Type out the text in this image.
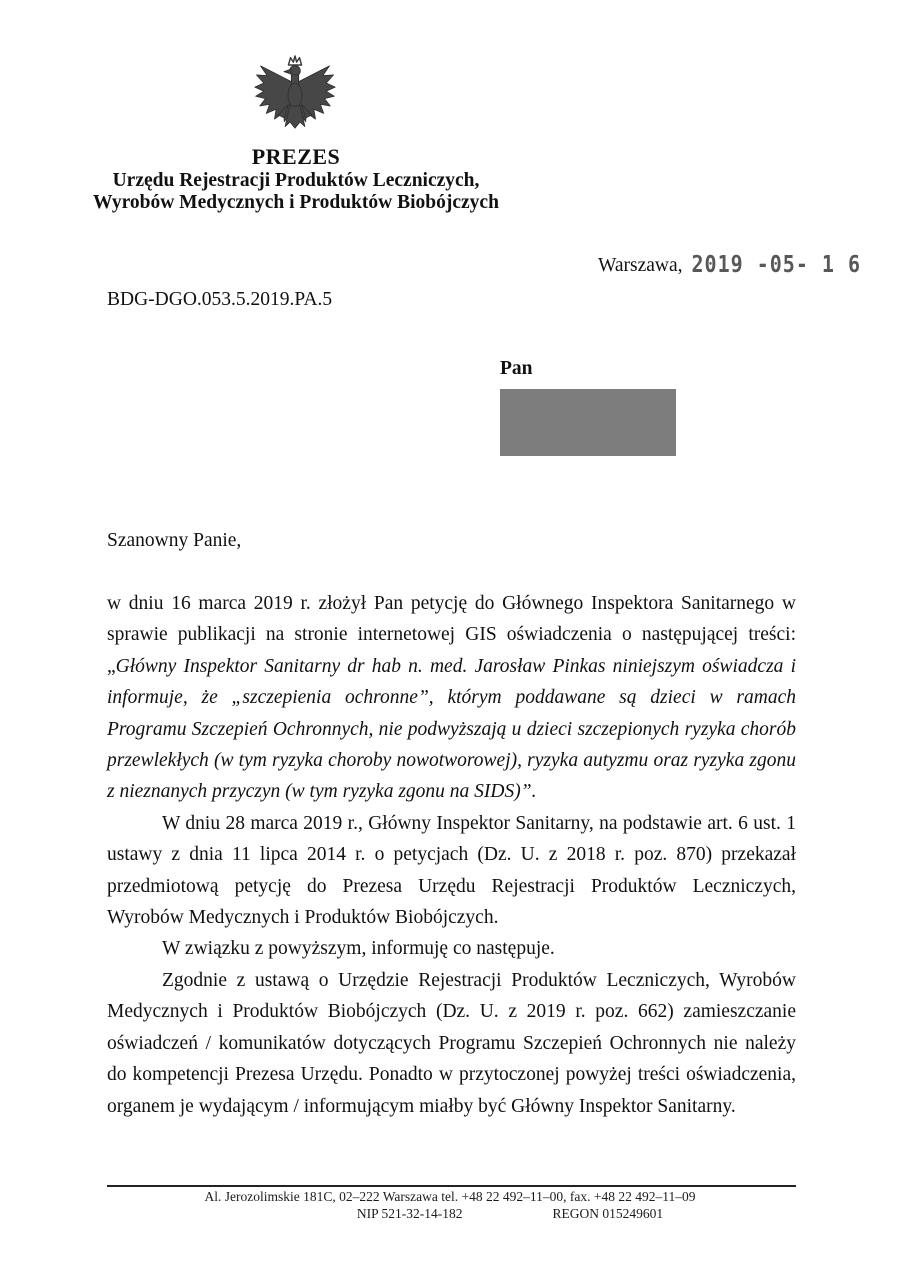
PREZES
Urzędu Rejestracji Produktów Leczniczych,
Wyrobów Medycznych i Produktów Biobójczych
Warszawa, 2019 -05- 1 6
BDG-DGO.053.5.2019.PA.5
Pan
Szanowny Panie,

w dniu 16 marca 2019 r. złożył Pan petycję do Głównego Inspektora Sanitarnego w sprawie publikacji na stronie internetowej GIS oświadczenia o następującej treści: „Główny Inspektor Sanitarny dr hab n. med. Jarosław Pinkas niniejszym oświadcza i informuje, że „szczepienia ochronne”, którym poddawane są dzieci w ramach Programu Szczepień Ochronnych, nie podwyższają u dzieci szczepionych ryzyka chorób przewlekłych (w tym ryzyka choroby nowotworowej), ryzyka autyzmu oraz ryzyka zgonu z nieznanych przyczyn (w tym ryzyka zgonu na SIDS)”.

W dniu 28 marca 2019 r., Główny Inspektor Sanitarny, na podstawie art. 6 ust. 1 ustawy z dnia 11 lipca 2014 r. o petycjach (Dz. U. z 2018 r. poz. 870) przekazał przedmiotową petycję do Prezesa Urzędu Rejestracji Produktów Leczniczych, Wyrobów Medycznych i Produktów Biobójczych.

W związku z powyższym, informuję co następuje.

Zgodnie z ustawą o Urzędzie Rejestracji Produktów Leczniczych, Wyrobów Medycznych i Produktów Biobójczych (Dz. U. z 2019 r. poz. 662) zamieszczanie oświadczeń / komunikatów dotyczących Programu Szczepień Ochronnych nie należy do kompetencji Prezesa Urzędu. Ponadto w przytoczonej powyżej treści oświadczenia, organem je wydającym / informującym miałby być Główny Inspektor Sanitarny.

Al. Jerozolimskie 181C, 02–222 Warszawa tel. +48 22 492–11–00, fax. +48 22 492–11–09
NIP 521-32-14-182	REGON 015249601
